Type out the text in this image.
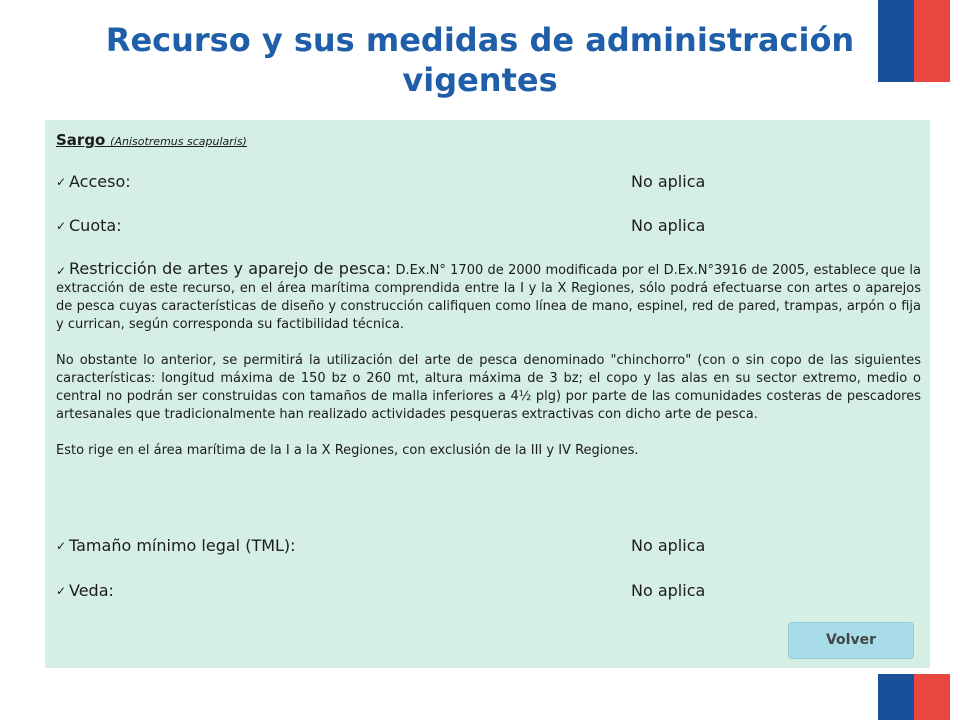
Recurso y sus medidas de administración vigentes
Sargo (Anisotremus scapularis)
✓ Acceso:	No aplica
✓ Cuota:	No aplica

✓ Restricción de artes y aparejo de pesca: D.Ex.N° 1700 de 2000 modificada por el D.Ex.N°3916 de 2005, establece que la extracción de este recurso, en el área marítima comprendida entre la I y la X Regiones, sólo podrá efectuarse con artes o aparejos de pesca cuyas características de diseño y construcción califiquen como línea de mano, espinel, red de pared, trampas, arpón o fija y currican, según corresponda su factibilidad técnica.

No obstante lo anterior, se permitirá la utilización del arte de pesca denominado "chinchorro" (con o sin copo de las siguientes características: longitud máxima de 150 bz o 260 mt, altura máxima de 3 bz; el copo y las alas en su sector extremo, medio o central no podrán ser construidas con tamaños de malla inferiores a 4½ plg) por parte de las comunidades costeras de pescadores artesanales que tradicionalmente han realizado actividades pesqueras extractivas con dicho arte de pesca.

Esto rige en el área marítima de la I a la X Regiones, con exclusión de la III y IV Regiones.

✓ Tamaño mínimo legal (TML):	No aplica
✓ Veda:	No aplica
Volver
